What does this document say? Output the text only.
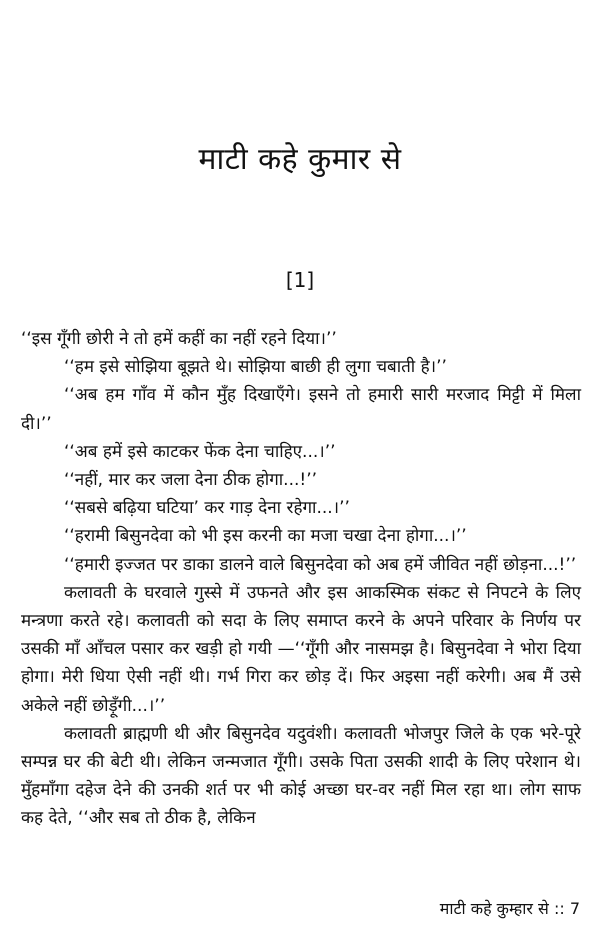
माटी कहे कुमार से
[1]

‘‘इस गूँगी छोरी ने तो हमें कहीं का नहीं रहने दिया।’’

‘‘हम इसे सोझिया बूझते थे। सोझिया बाछी ही लुगा चबाती है।’’

‘‘अब हम गाँव में कौन मुँह दिखाएँगे। इसने तो हमारी सारी मरजाद मिट्टी में मिला दी।’’

‘‘अब हमें इसे काटकर फेंक देना चाहिए...।’’

‘‘नहीं, मार कर जला देना ठीक होगा...!’’

‘‘सबसे बढ़िया घटिया’ कर गाड़ देना रहेगा...।’’

‘‘हरामी बिसुनदेवा को भी इस करनी का मजा चखा देना होगा...।’’

‘‘हमारी इज्जत पर डाका डालने वाले बिसुनदेवा को अब हमें जीवित नहीं छोड़ना...!’’

कलावती के घरवाले गुस्से में उफनते और इस आकस्मिक संकट से निपटने के लिए मन्त्रणा करते रहे। कलावती को सदा के लिए समाप्त करने के अपने परिवार के निर्णय पर उसकी माँ आँचल पसार कर खड़ी हो गयी —‘‘गूँगी और नासमझ है। बिसुनदेवा ने भोरा दिया होगा। मेरी धिया ऐसी नहीं थी। गर्भ गिरा कर छोड़ दें। फिर अइसा नहीं करेगी। अब मैं उसे अकेले नहीं छोड़ूँगी...।’’

कलावती ब्राह्मणी थी और बिसुनदेव यदुवंशी। कलावती भोजपुर जिले के एक भरे-पूरे सम्पन्न घर की बेटी थी। लेकिन जन्मजात गूँगी। उसके पिता उसकी शादी के लिए परेशान थे। मुँहमाँगा दहेज देने की उनकी शर्त पर भी कोई अच्छा घर-वर नहीं मिल रहा था। लोग साफ कह देते, ‘‘और सब तो ठीक है, लेकिन

माटी कहे कुम्हार से :: 7
